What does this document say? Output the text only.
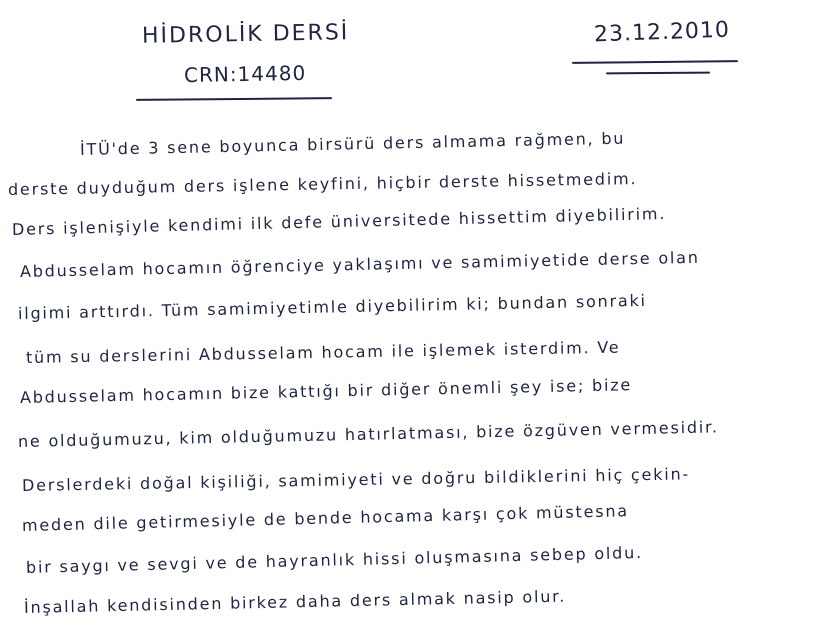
HİDROLİK DERSİ
CRN:14480
23.12.2010
İTÜ'de 3 sene boyunca birsürü ders almama rağmen, bu
derste duyduğum ders işlene keyfini, hiçbir derste hissetmedim.
Ders işlenişiyle kendimi ilk defe üniversitede hissettim diyebilirim.
Abdusselam hocamın öğrenciye yaklaşımı ve samimiyetide derse olan
ilgimi arttırdı. Tüm samimiyetimle diyebilirim ki; bundan sonraki
tüm su derslerini Abdusselam hocam ile işlemek isterdim. Ve
Abdusselam hocamın bize kattığı bir diğer önemli şey ise; bize
ne olduğumuzu, kim olduğumuzu hatırlatması, bize özgüven vermesidir.
Derslerdeki doğal kişiliği, samimiyeti ve doğru bildiklerini hiç çekin-
meden dile getirmesiyle de bende hocama karşı çok müstesna
bir saygı ve sevgi ve de hayranlık hissi oluşmasına sebep oldu.
İnşallah kendisinden birkez daha ders almak nasip olur.
